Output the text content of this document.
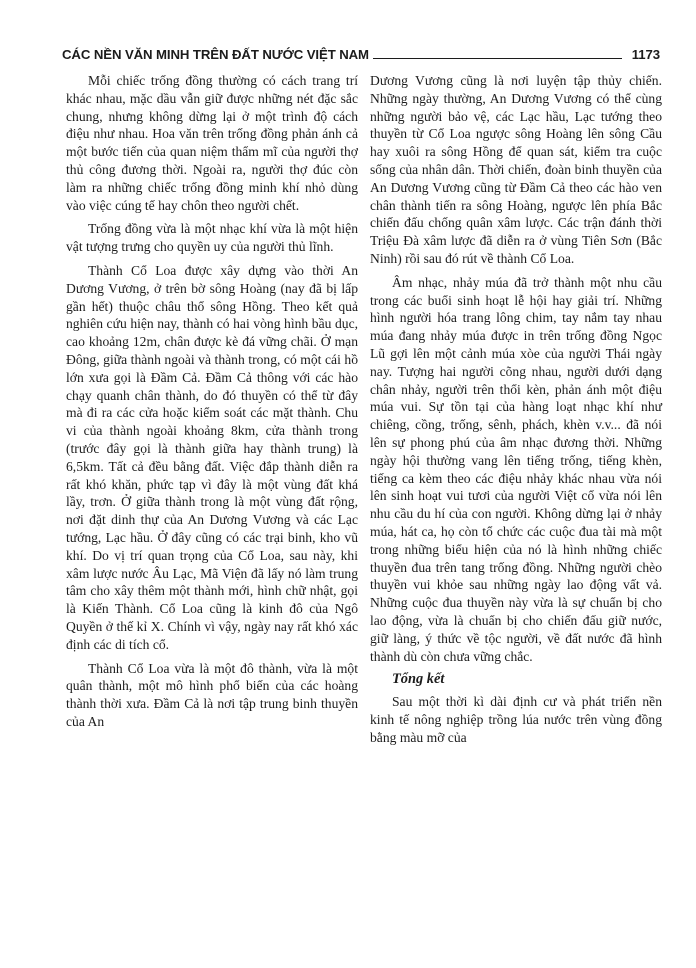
CÁC NỀN VĂN MINH TRÊN ĐẤT NƯỚC VIỆT NAM	1173

Mỗi chiếc trống đồng thường có cách trang trí khác nhau, mặc dầu vẫn giữ được những nét đặc sắc chung, nhưng không dừng lại ở một trình độ cách điệu như nhau. Hoa văn trên trống đồng phản ánh cả một bước tiến của quan niệm thẩm mĩ của người thợ thủ công đương thời. Ngoài ra, người thợ đúc còn làm ra những chiếc trống đồng minh khí nhỏ dùng vào việc cúng tế hay chôn theo người chết.

Trống đồng vừa là một nhạc khí vừa là một hiện vật tượng trưng cho quyền uy của người thủ lĩnh.

Thành Cổ Loa được xây dựng vào thời An Dương Vương, ở trên bờ sông Hoàng (nay đã bị lấp gần hết) thuộc châu thổ sông Hồng. Theo kết quả nghiên cứu hiện nay, thành có hai vòng hình bầu dục, cao khoảng 12m, chân được kè đá vững chãi. Ở mạn Đông, giữa thành ngoài và thành trong, có một cái hồ lớn xưa gọi là Đầm Cả. Đầm Cả thông với các hào chạy quanh chân thành, do đó thuyền có thể từ đây mà đi ra các cửa hoặc kiểm soát các mặt thành. Chu vi của thành ngoài khoảng 8km, cửa thành trong (trước đây gọi là thành giữa hay thành trung) là 6,5km. Tất cả đều bằng đất. Việc đắp thành diễn ra rất khó khăn, phức tạp vì đây là một vùng đất khá lầy, trơn. Ở giữa thành trong là một vùng đất rộng, nơi đặt dinh thự của An Dương Vương và các Lạc tướng, Lạc hầu. Ở đây cũng có các trại binh, kho vũ khí. Do vị trí quan trọng của Cổ Loa, sau này, khi xâm lược nước Âu Lạc, Mã Viện đã lấy nó làm trung tâm cho xây thêm một thành mới, hình chữ nhật, gọi là Kiến Thành. Cổ Loa cũng là kinh đô của Ngô Quyền ở thế kỉ X. Chính vì vậy, ngày nay rất khó xác định các di tích cổ.

Thành Cổ Loa vừa là một đô thành, vừa là một quân thành, một mô hình phổ biến của các hoàng thành thời xưa. Đầm Cả là nơi tập trung binh thuyền của An

Dương Vương cũng là nơi luyện tập thủy chiến. Những ngày thường, An Dương Vương có thể cùng những người bảo vệ, các Lạc hầu, Lạc tướng theo thuyền từ Cổ Loa ngược sông Hoàng lên sông Cầu hay xuôi ra sông Hồng để quan sát, kiểm tra cuộc sống của nhân dân. Thời chiến, đoàn binh thuyền của An Dương Vương cũng từ Đầm Cả theo các hào ven chân thành tiến ra sông Hoàng, ngược lên phía Bắc chiến đấu chống quân xâm lược. Các trận đánh thời Triệu Đà xâm lược đã diễn ra ở vùng Tiên Sơn (Bắc Ninh) rồi sau đó rút về thành Cổ Loa.

Âm nhạc, nhảy múa đã trở thành một nhu cầu trong các buổi sinh hoạt lễ hội hay giải trí. Những hình người hóa trang lông chim, tay nắm tay nhau múa đang nhảy múa được in trên trống đồng Ngọc Lũ gợi lên một cảnh múa xòe của người Thái ngày nay. Tượng hai người cõng nhau, người dưới dạng chân nhảy, người trên thổi kèn, phản ánh một điệu múa vui. Sự tồn tại của hàng loạt nhạc khí như chiêng, cồng, trống, sênh, phách, khèn v.v... đã nói lên sự phong phú của âm nhạc đương thời. Những ngày hội thường vang lên tiếng trống, tiếng khèn, tiếng ca kèm theo các điệu nhảy khác nhau vừa nói lên sinh hoạt vui tươi của người Việt cổ vừa nói lên nhu cầu du hí của con người. Không dừng lại ở nhảy múa, hát ca, họ còn tổ chức các cuộc đua tài mà một trong những biểu hiện của nó là hình những chiếc thuyền đua trên tang trống đồng. Những người chèo thuyền vui khỏe sau những ngày lao động vất vả. Những cuộc đua thuyền này vừa là sự chuẩn bị cho lao động, vừa là chuẩn bị cho chiến đấu giữ nước, giữ làng, ý thức về tộc người, về đất nước đã hình thành dù còn chưa vững chắc.

Tổng kết

Sau một thời kì dài định cư và phát triển nền kinh tế nông nghiệp trồng lúa nước trên vùng đồng bằng màu mỡ của
